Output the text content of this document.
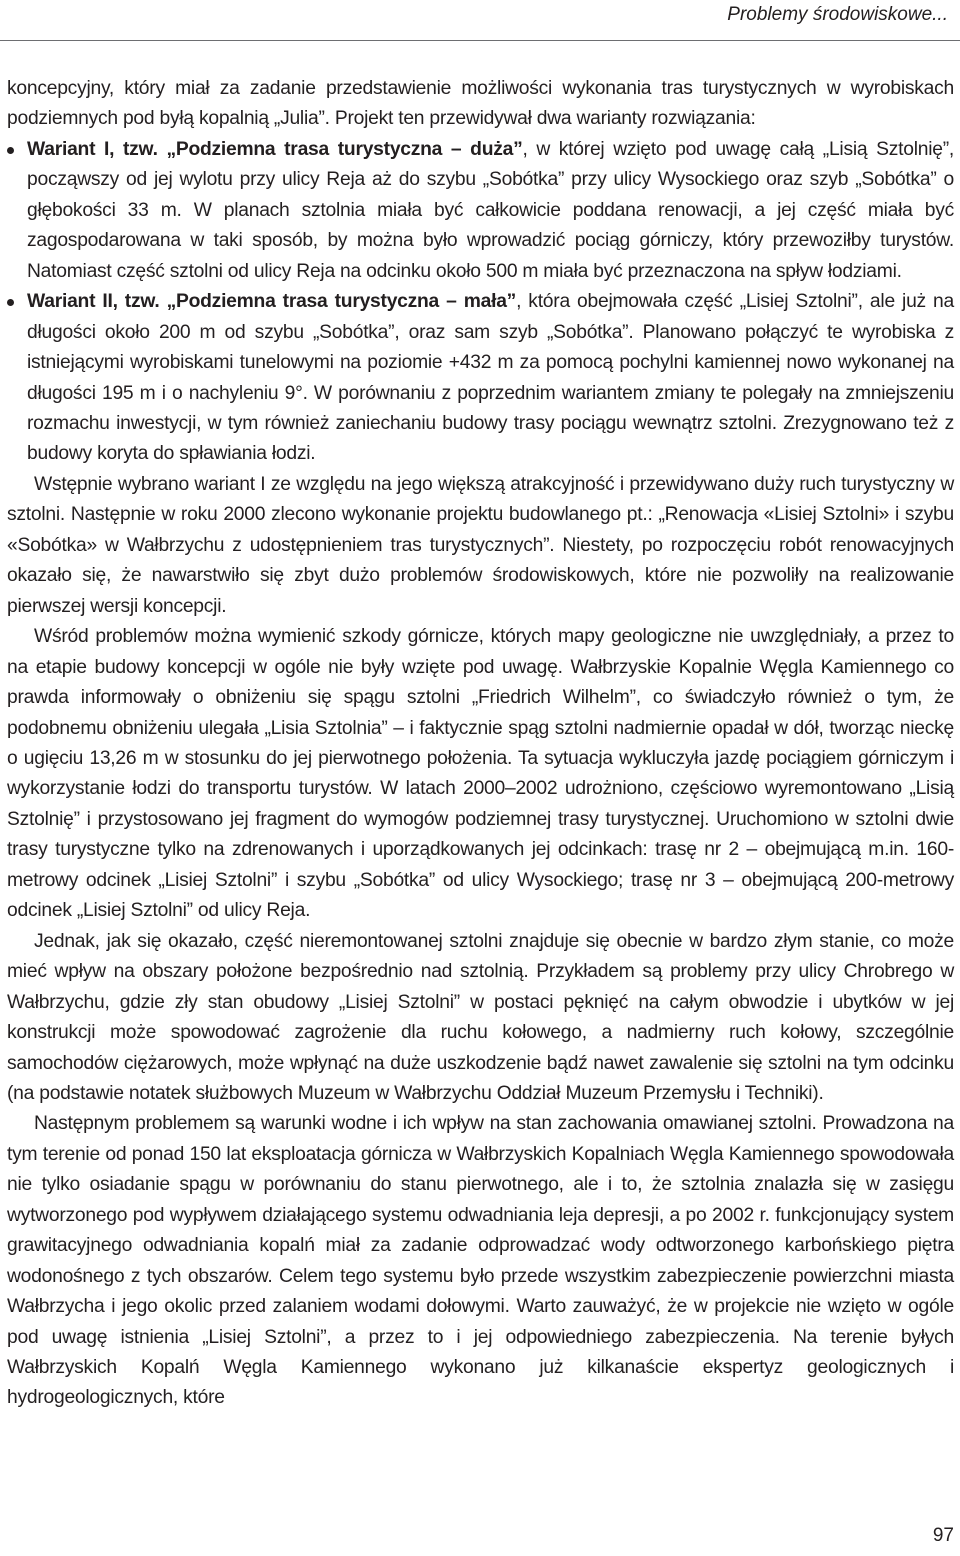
Problemy środowiskowe...

koncepcyjny, który miał za zadanie przedstawienie możliwości wykonania tras turystycznych w wyrobiskach podziemnych pod byłą kopalnią „Julia”. Projekt ten przewidywał dwa warianty rozwiązania:

Wariant I, tzw. „Podziemna trasa turystyczna – duża”, w której wzięto pod uwagę całą „Lisią Sztolnię”, począwszy od jej wylotu przy ulicy Reja aż do szybu „Sobótka” przy ulicy Wysockiego oraz szyb „Sobótka” o głębokości 33 m. W planach sztolnia miała być całkowicie poddana renowacji, a jej część miała być zagospodarowana w taki sposób, by można było wprowadzić pociąg górniczy, który przewoziłby turystów. Natomiast część sztolni od ulicy Reja na odcinku około 500 m miała być przeznaczona na spływ łodziami.
Wariant II, tzw. „Podziemna trasa turystyczna – mała”, która obejmowała część „Lisiej Sztolni”, ale już na długości około 200 m od szybu „Sobótka”, oraz sam szyb „Sobótka”. Planowano połączyć te wyrobiska z istniejącymi wyrobiskami tunelowymi na poziomie +432 m za pomocą pochylni kamiennej nowo wykonanej na długości 195 m i o nachyleniu 9°. W porównaniu z poprzednim wariantem zmiany te polegały na zmniejszeniu rozmachu inwestycji, w tym również zaniechaniu budowy trasy pociągu wewnątrz sztolni. Zrezygnowano też z budowy koryta do spławiania łodzi.

Wstępnie wybrano wariant I ze względu na jego większą atrakcyjność i przewidywano duży ruch turystyczny w sztolni. Następnie w roku 2000 zlecono wykonanie projektu budowlanego pt.: „Renowacja «Lisiej Sztolni» i szybu «Sobótka» w Wałbrzychu z udostępnieniem tras turystycznych”. Niestety, po rozpoczęciu robót renowacyjnych okazało się, że nawarstwiło się zbyt dużo problemów środowiskowych, które nie pozwoliły na realizowanie pierwszej wersji koncepcji.

Wśród problemów można wymienić szkody górnicze, których mapy geologiczne nie uwzględniały, a przez to na etapie budowy koncepcji w ogóle nie były wzięte pod uwagę. Wałbrzyskie Kopalnie Węgla Kamiennego co prawda informowały o obniżeniu się spągu sztolni „Friedrich Wilhelm”, co świadczyło również o tym, że podobnemu obniżeniu ulegała „Lisia Sztolnia” – i faktycznie spąg sztolni nadmiernie opadał w dół, tworząc nieckę o ugięciu 13,26 m w stosunku do jej pierwotnego położenia. Ta sytuacja wykluczyła jazdę pociągiem górniczym i wykorzystanie łodzi do transportu turystów. W latach 2000–2002 udrożniono, częściowo wyremontowano „Lisią Sztolnię” i przystosowano jej fragment do wymogów podziemnej trasy turystycznej. Uruchomiono w sztolni dwie trasy turystyczne tylko na zdrenowanych i uporządkowanych jej odcinkach: trasę nr 2 – obejmującą m.in. 160-metrowy odcinek „Lisiej Sztolni” i szybu „Sobótka” od ulicy Wysockiego; trasę nr 3 – obejmującą 200-metrowy odcinek „Lisiej Sztolni” od ulicy Reja.

Jednak, jak się okazało, część nieremontowanej sztolni znajduje się obecnie w bardzo złym stanie, co może mieć wpływ na obszary położone bezpośrednio nad sztolnią. Przykładem są problemy przy ulicy Chrobrego w Wałbrzychu, gdzie zły stan obudowy „Lisiej Sztolni” w postaci pęknięć na całym obwodzie i ubytków w jej konstrukcji może spowodować zagrożenie dla ruchu kołowego, a nadmierny ruch kołowy, szczególnie samochodów ciężarowych, może wpłynąć na duże uszkodzenie bądź nawet zawalenie się sztolni na tym odcinku (na podstawie notatek służbowych Muzeum w Wałbrzychu Oddział Muzeum Przemysłu i Techniki).

Następnym problemem są warunki wodne i ich wpływ na stan zachowania omawianej sztolni. Prowadzona na tym terenie od ponad 150 lat eksploatacja górnicza w Wałbrzyskich Kopalniach Węgla Kamiennego spowodowała nie tylko osiadanie spągu w porównaniu do stanu pierwotnego, ale i to, że sztolnia znalazła się w zasięgu wytworzonego pod wypływem działającego systemu odwadniania leja depresji, a po 2002 r. funkcjonujący system grawitacyjnego odwadniania kopalń miał za zadanie odprowadzać wody odtworzonego karbońskiego piętra wodonośnego z tych obszarów. Celem tego systemu było przede wszystkim zabezpieczenie powierzchni miasta Wałbrzycha i jego okolic przed zalaniem wodami dołowymi. Warto zauważyć, że w projekcie nie wzięto w ogóle pod uwagę istnienia „Lisiej Sztolni”, a przez to i jej odpowiedniego zabezpieczenia. Na terenie byłych Wałbrzyskich Kopalń Węgla Kamiennego wykonano już kilkanaście ekspertyz geologicznych i hydrogeologicznych, które

97
